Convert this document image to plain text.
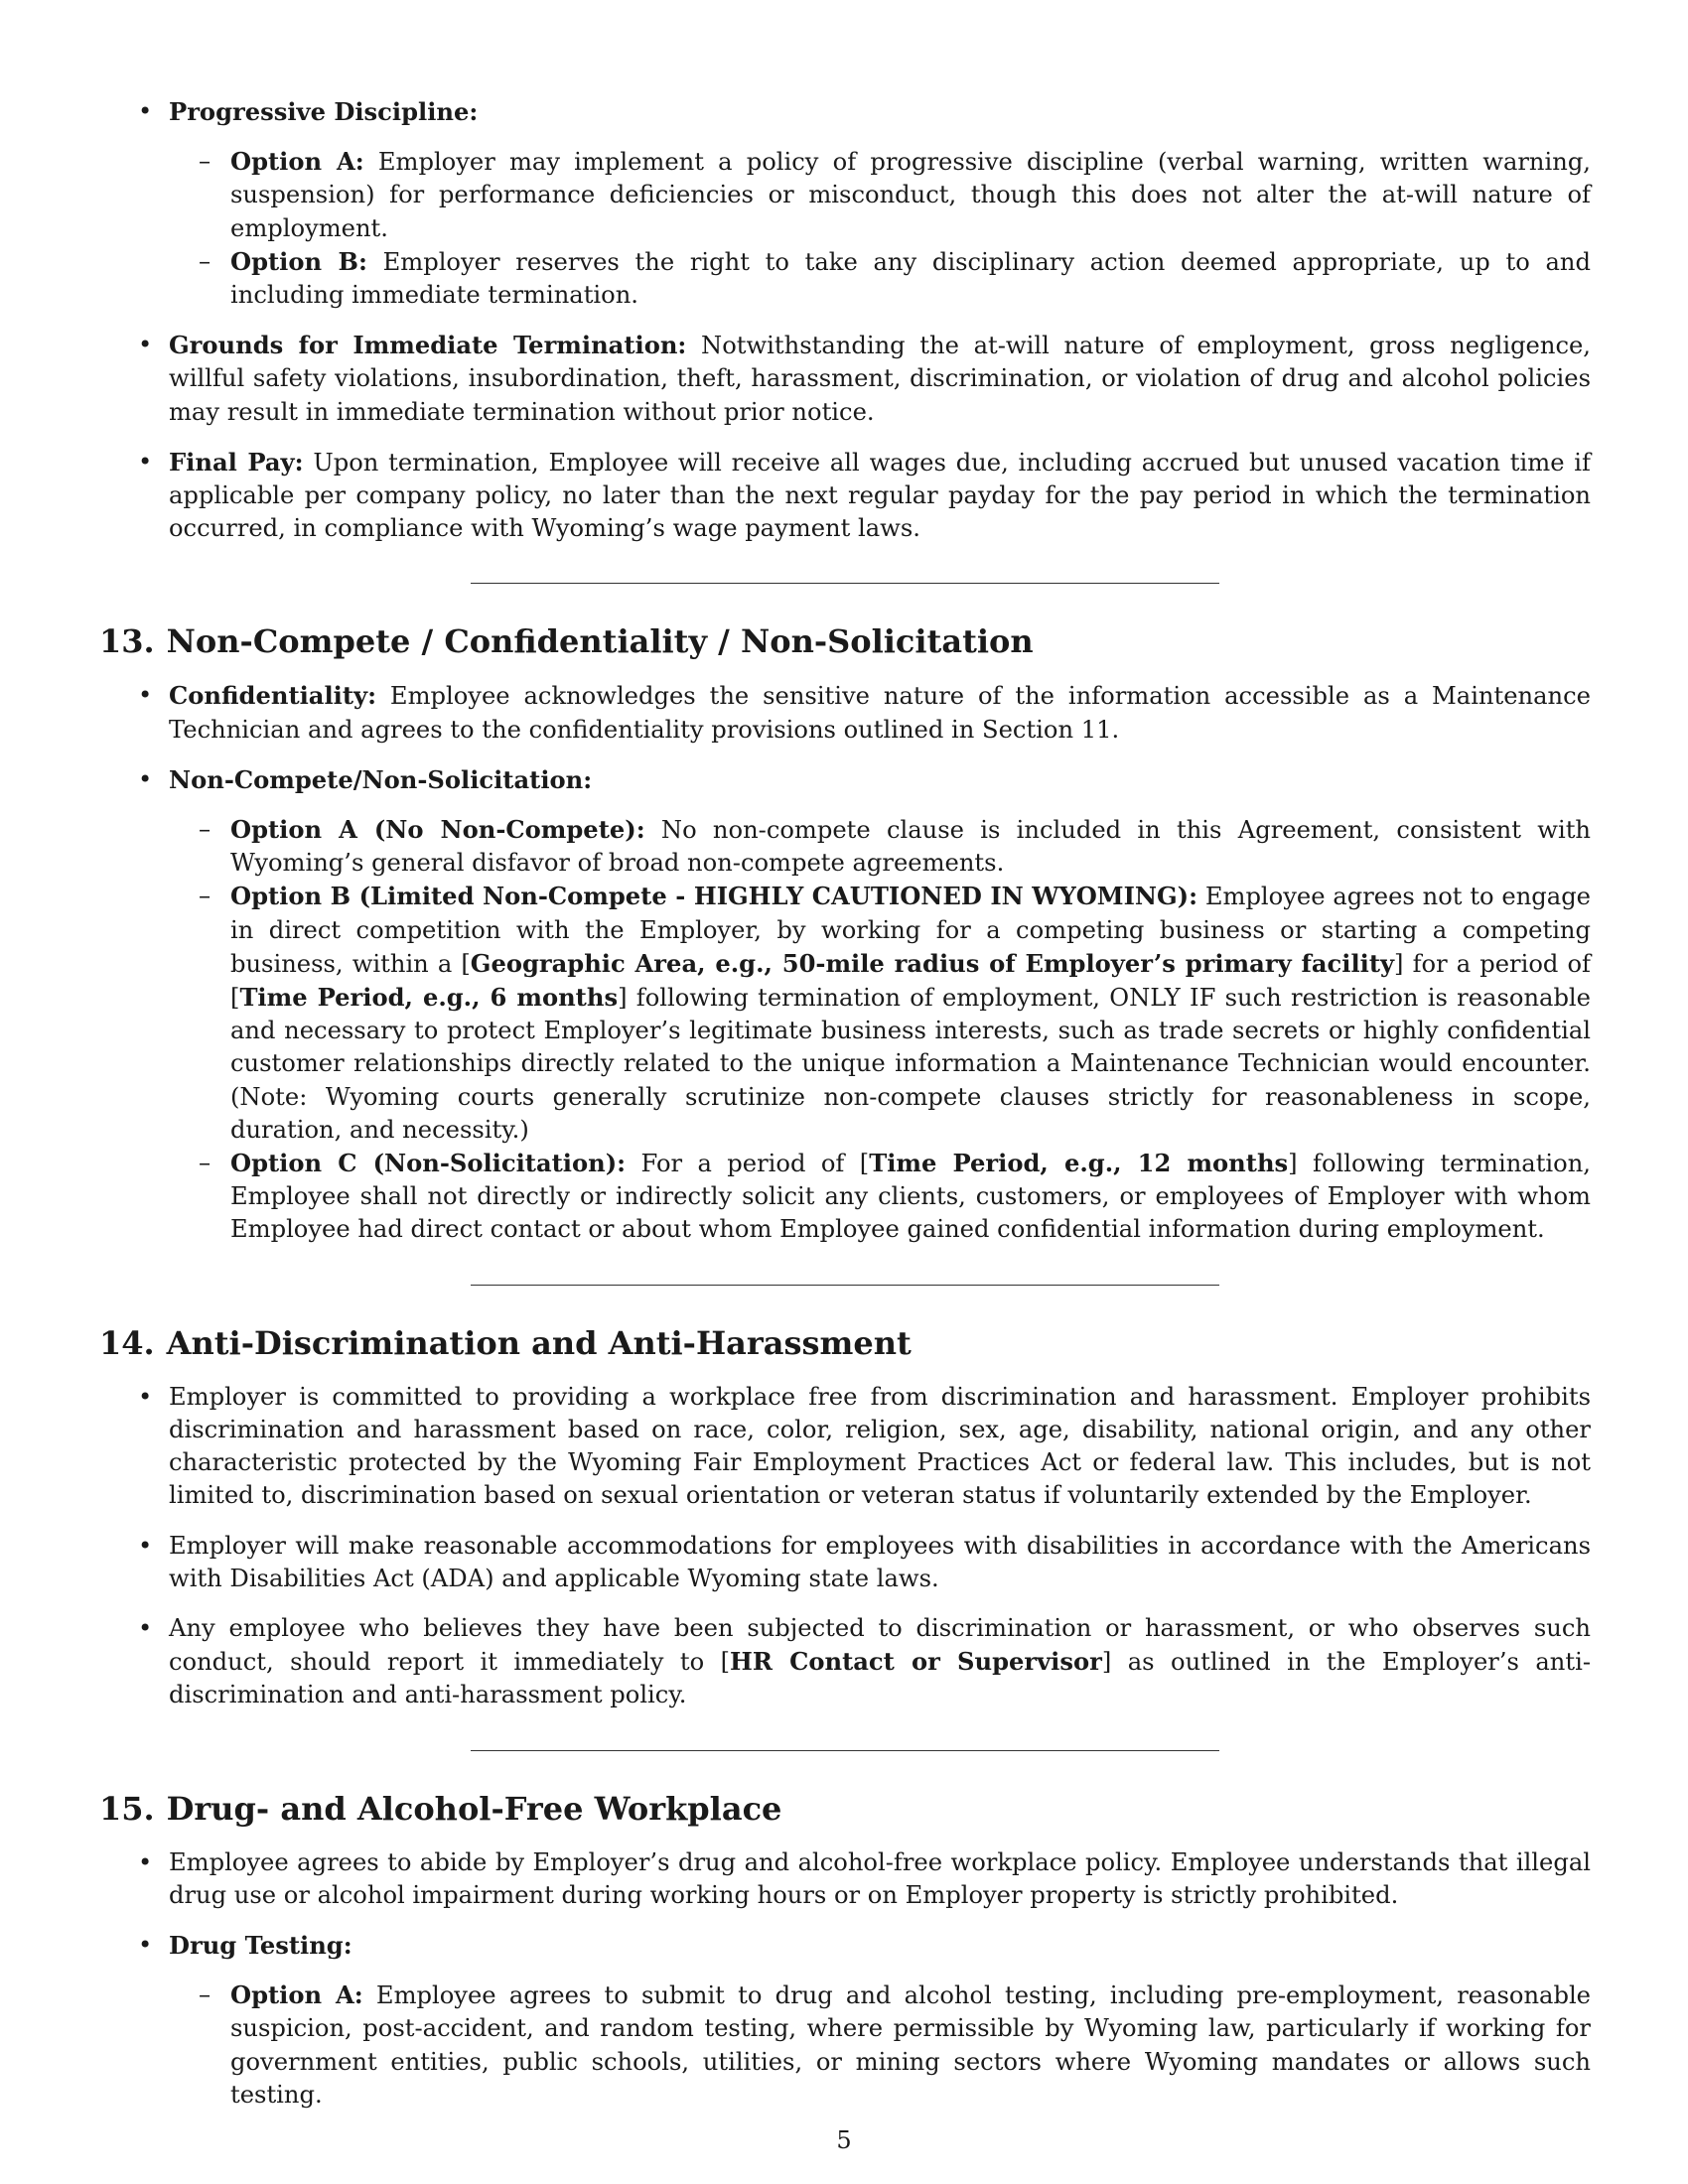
• Progressive Discipline:
– Option A: Employer may implement a policy of progressive discipline (verbal warning, written warning, suspension) for performance deficiencies or misconduct, though this does not alter the at-will nature of employment.
– Option B: Employer reserves the right to take any disciplinary action deemed appropriate, up to and including immediate termination.
• Grounds for Immediate Termination: Notwithstanding the at-will nature of employment, gross negligence, willful safety violations, insubordination, theft, harassment, discrimination, or violation of drug and alcohol policies may result in immediate termination without prior notice.
• Final Pay: Upon termination, Employee will receive all wages due, including accrued but unused vacation time if applicable per company policy, no later than the next regular payday for the pay period in which the termination occurred, in compliance with Wyoming’s wage payment laws.
13. Non-Compete / Confidentiality / Non-Solicitation
• Confidentiality: Employee acknowledges the sensitive nature of the information accessible as a Maintenance Technician and agrees to the confidentiality provisions outlined in Section 11.
• Non-Compete/Non-Solicitation:
– Option A (No Non-Compete): No non-compete clause is included in this Agreement, consistent with Wyoming’s general disfavor of broad non-compete agreements.
– Option B (Limited Non-Compete - HIGHLY CAUTIONED IN WYOMING): Employee agrees not to engage in direct competition with the Employer, by working for a competing business or starting a competing business, within a [Geographic Area, e.g., 50-mile radius of Employer’s primary facility] for a period of [Time Period, e.g., 6 months] following termination of employment, ONLY IF such restriction is reasonable and necessary to protect Employer’s legitimate business interests, such as trade secrets or highly confidential customer relationships directly related to the unique information a Maintenance Technician would encounter. (Note: Wyoming courts generally scrutinize non-compete clauses strictly for reasonableness in scope, duration, and necessity.)
– Option C (Non-Solicitation): For a period of [Time Period, e.g., 12 months] following termination, Employee shall not directly or indirectly solicit any clients, customers, or employees of Employer with whom Employee had direct contact or about whom Employee gained confidential information during employment.
14. Anti-Discrimination and Anti-Harassment
• Employer is committed to providing a workplace free from discrimination and harassment. Employer prohibits discrimination and harassment based on race, color, religion, sex, age, disability, national origin, and any other characteristic protected by the Wyoming Fair Employment Practices Act or federal law. This includes, but is not limited to, discrimination based on sexual orientation or veteran status if voluntarily extended by the Employer.
• Employer will make reasonable accommodations for employees with disabilities in accordance with the Americans with Disabilities Act (ADA) and applicable Wyoming state laws.
• Any employee who believes they have been subjected to discrimination or harassment, or who observes such conduct, should report it immediately to [HR Contact or Supervisor] as outlined in the Employer’s anti-discrimination and anti-harassment policy.
15. Drug- and Alcohol-Free Workplace
• Employee agrees to abide by Employer’s drug and alcohol-free workplace policy. Employee understands that illegal drug use or alcohol impairment during working hours or on Employer property is strictly prohibited.
• Drug Testing:
– Option A: Employee agrees to submit to drug and alcohol testing, including pre-employment, reasonable suspicion, post-accident, and random testing, where permissible by Wyoming law, particularly if working for government entities, public schools, utilities, or mining sectors where Wyoming mandates or allows such testing.
5
